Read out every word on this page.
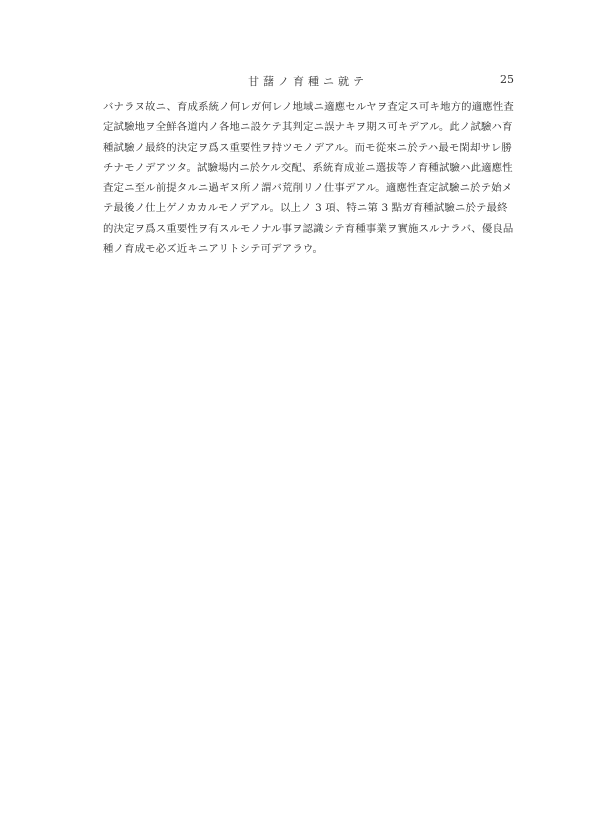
甘藷ノ育種ニ就テ	25
バナラヌ故ニ、育成系統ノ何レガ何レノ地域ニ適應セルヤヲ査定ス可キ地方的適應性査
定試驗地ヲ全鮮各道内ノ各地ニ設ケテ其判定ニ誤ナキヲ期ス可キデアル。此ノ試驗ハ育
種試驗ノ最終的決定ヲ爲ス重要性ヲ持ツモノデアル。而モ從來ニ於テハ最モ閑却サレ勝
チナモノデアツタ。試驗場内ニ於ケル交配、系統育成並ニ選拔等ノ育種試驗ハ此適應性
査定ニ至ル前提タルニ過ギヌ所ノ謂バ荒削リノ仕事デアル。適應性査定試驗ニ於テ始メ
テ最後ノ仕上ゲノカカルモノデアル。以上ノ 3 項、特ニ第 3 點ガ育種試驗ニ於テ最終
的決定ヲ爲ス重要性ヲ有スルモノナル事ヲ認識シテ育種事業ヲ實施スルナラバ、優良品
種ノ育成モ必ズ近キニアリトシテ可デアラウ。
